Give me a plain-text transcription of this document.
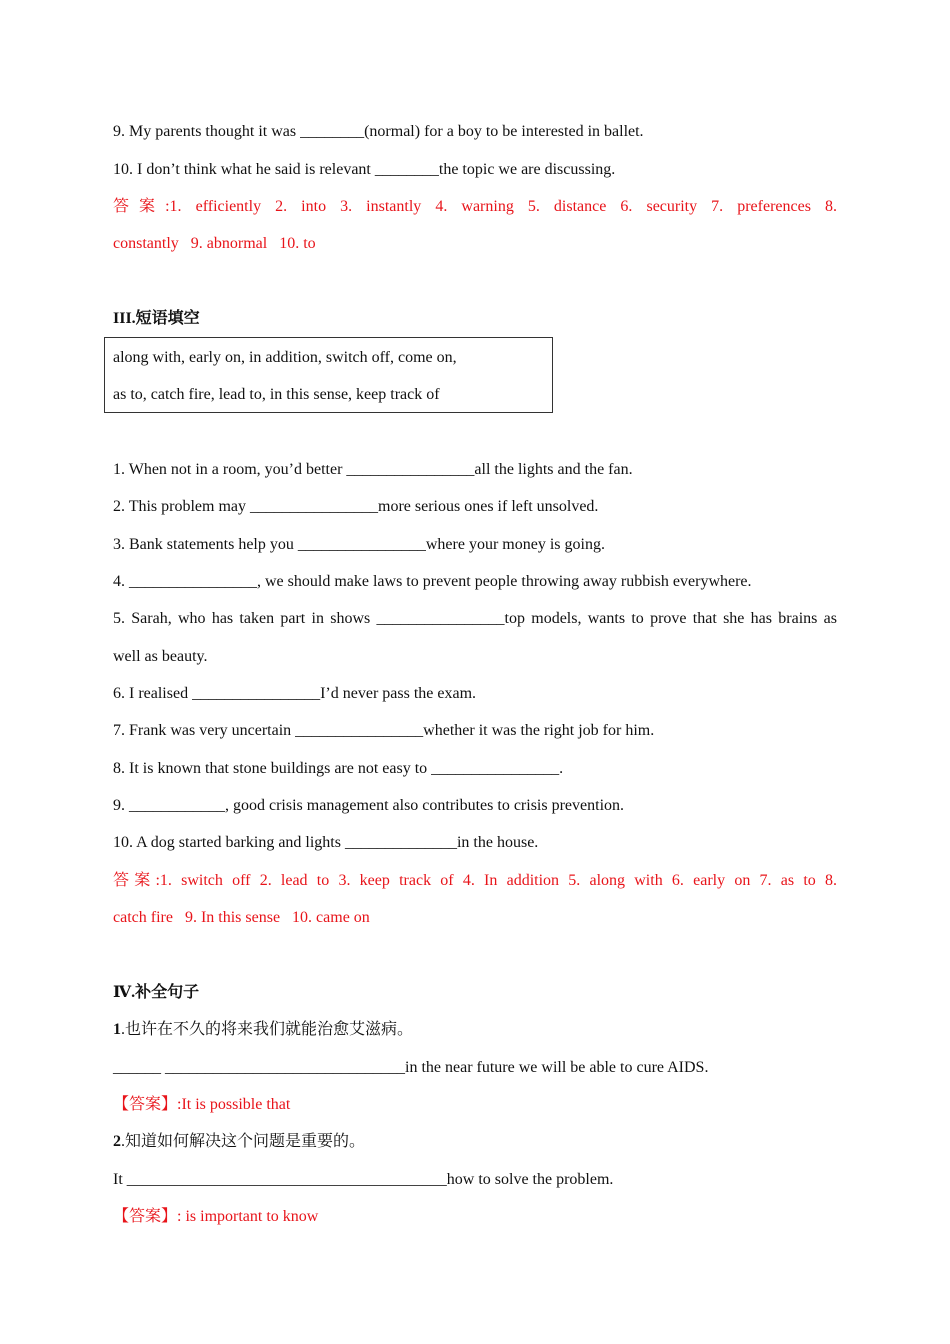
9. My parents thought it was ________(normal) for a boy to be interested in ballet.
10. I don’t think what he said is relevant ________the topic we are discussing.
答案:1. efficiently 2. into 3. instantly 4. warning 5. distance 6. security 7. preferences 8.
constantly   9. abnormal   10. to
III.短语填空
along with, early on, in addition, switch off, come on,
as to, catch fire, lead to, in this sense, keep track of
1. When not in a room, you’d better ________________all the lights and the fan.
2. This problem may ________________more serious ones if left unsolved.
3. Bank statements help you ________________where your money is going.
4. ________________, we should make laws to prevent people throwing away rubbish everywhere.
5. Sarah, who has taken part in shows ________________top models, wants to prove that she has brains as
well as beauty.
6. I realised ________________I’d never pass the exam.
7. Frank was very uncertain ________________whether it was the right job for him.
8. It is known that stone buildings are not easy to ________________.
9. ____________, good crisis management also contributes to crisis prevention.
10. A dog started barking and lights ______________in the house.
答案:1. switch off 2. lead to 3. keep track of 4. In addition 5. along with 6. early on 7. as to 8.
catch fire   9. In this sense   10. came on
Ⅳ.补全句子
1.也许在不久的将来我们就能治愈艾滋病。
______ ______________________________in the near future we will be able to cure AIDS.
【答案】:It is possible that
2.知道如何解决这个问题是重要的。
It ________________________________________how to solve the problem.
【答案】: is important to know
